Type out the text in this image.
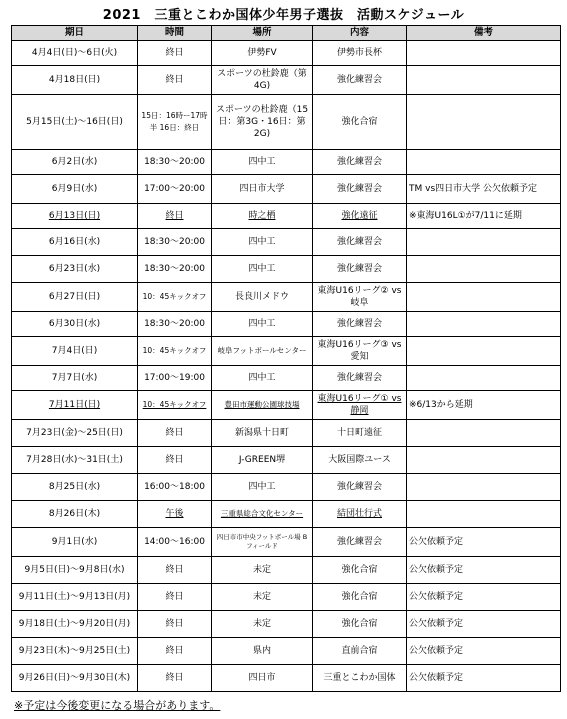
2021　三重とこわか国体少年男子選抜　活動スケジュール
期日	時間	場所	内容	備考
4月4日(日)〜6日(火)	終日	伊勢FV	伊勢市長杯	
4月18日(日)	終日	スポーツの杜鈴鹿（第4G)	強化練習会	
5月15日(土)〜16日(日)	15日：16時ー17時半 16日：終日	スポーツの杜鈴鹿（15日：第3G・16日：第2G)	強化合宿	
6月2日(水)	18:30〜20:00	四中工	強化練習会	
6月9日(水)	17:00〜20:00	四日市大学	強化練習会	TM vs四日市大学 公欠依頼予定
6月13日(日)	終日	時之栖	強化遠征	※東海U16L①が7/11に延期
6月16日(水)	18:30〜20:00	四中工	強化練習会	
6月23日(水)	18:30〜20:00	四中工	強化練習会	
6月27日(日)	10：45キックオフ	長良川メドウ	東海U16リーグ② vs岐阜	
6月30日(水)	18:30〜20:00	四中工	強化練習会	
7月4日(日)	10：45キックオフ	岐阜フットボールセンター	東海U16リーグ③ vs愛知	
7月7日(水)	17:00〜19:00	四中工	強化練習会	
7月11日(日)	10：45キックオフ	豊田市運動公園球技場	東海U16リーグ① vs静岡	※6/13から延期
7月23日(金)〜25日(日)	終日	新潟県十日町	十日町遠征	
7月28日(水)〜31日(土)	終日	J-GREEN堺	大阪国際ユース	
8月25日(水)	16:00〜18:00	四中工	強化練習会	
8月26日(木)	午後	三重県総合文化センター	結団壮行式	
9月1日(水)	14:00〜16:00	四日市市中央フットボール場 Bフィールド	強化練習会	公欠依頼予定
9月5日(日)〜9月8日(水)	終日	未定	強化合宿	公欠依頼予定
9月11日(土)〜9月13日(月)	終日	未定	強化合宿	公欠依頼予定
9月18日(土)〜9月20日(月)	終日	未定	強化合宿	公欠依頼予定
9月23日(木)〜9月25日(土)	終日	県内	直前合宿	公欠依頼予定
9月26日(日)〜9月30日(木)	終日	四日市	三重とこわか国体	公欠依頼予定
※予定は今後変更になる場合があります。
